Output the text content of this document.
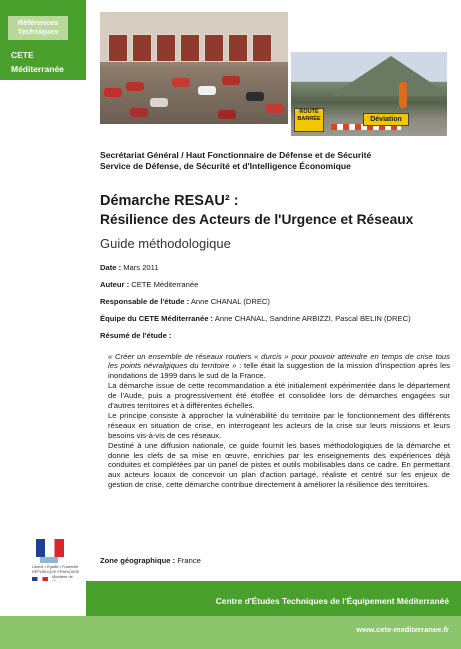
Références
Techniques
CETE
Méditerranée
ROUTE
BARRÉE	Déviation
Secrétariat Général / Haut Fonctionnaire de Défense et de Sécurité
Service de Défense, de Sécurité et d'Intelligence Économique
Démarche RESAU² :
Résilience des Acteurs de l'Urgence et Réseaux
Guide méthodologique
Date : Mars 2011
Auteur : CETE Méditerranée
Responsable de l'étude : Anne CHANAL (DREC)
Équipe du CETE Méditerranée : Anne CHANAL, Sandrine ARBIZZI, Pascal BELIN (DREC)
Résumé de l'étude :

« Créer un ensemble de réseaux routiers « durcis » pour pouvoir atteindre en temps de crise tous les points névralgiques du territoire » : telle était la suggestion de la mission d'inspection après les inondations de 1999 dans le sud de la France.

La démarche issue de cette recommandation a été initialement expérimentée dans le département de l'Aude, puis a progressivement été étoffée et consolidée lors de démarches engagées sur d'autres territoires et à différentes échelles.

Le principe consiste à approcher la vulnérabilité du territoire par le fonctionnement des différents réseaux en situation de crise, en interrogeant les acteurs de la crise sur leurs missions et leurs besoins vis-à-vis de ces réseaux.

Destiné à une diffusion nationale, ce guide fournit les bases méthodologiques de la démarche et donne les clefs de sa mise en œuvre, enrichies par les enseignements des expériences déjà conduites et complétées par un panel de pistes et outils mobilisables dans ce cadre. En permettant aux acteurs locaux de concevoir un plan d'action partagé, réaliste et centré sur les enjeux de gestion de crise, cette démarche contribue directement à améliorer la résilience des territoires.

Zone géographique : France
Liberté • Égalité • Fraternité RÉPUBLIQUE FRANÇAISE
Ministère de
Centre d'Études Techniques de l'Équipement Méditerranéé
www.cete-mediterranee.fr
